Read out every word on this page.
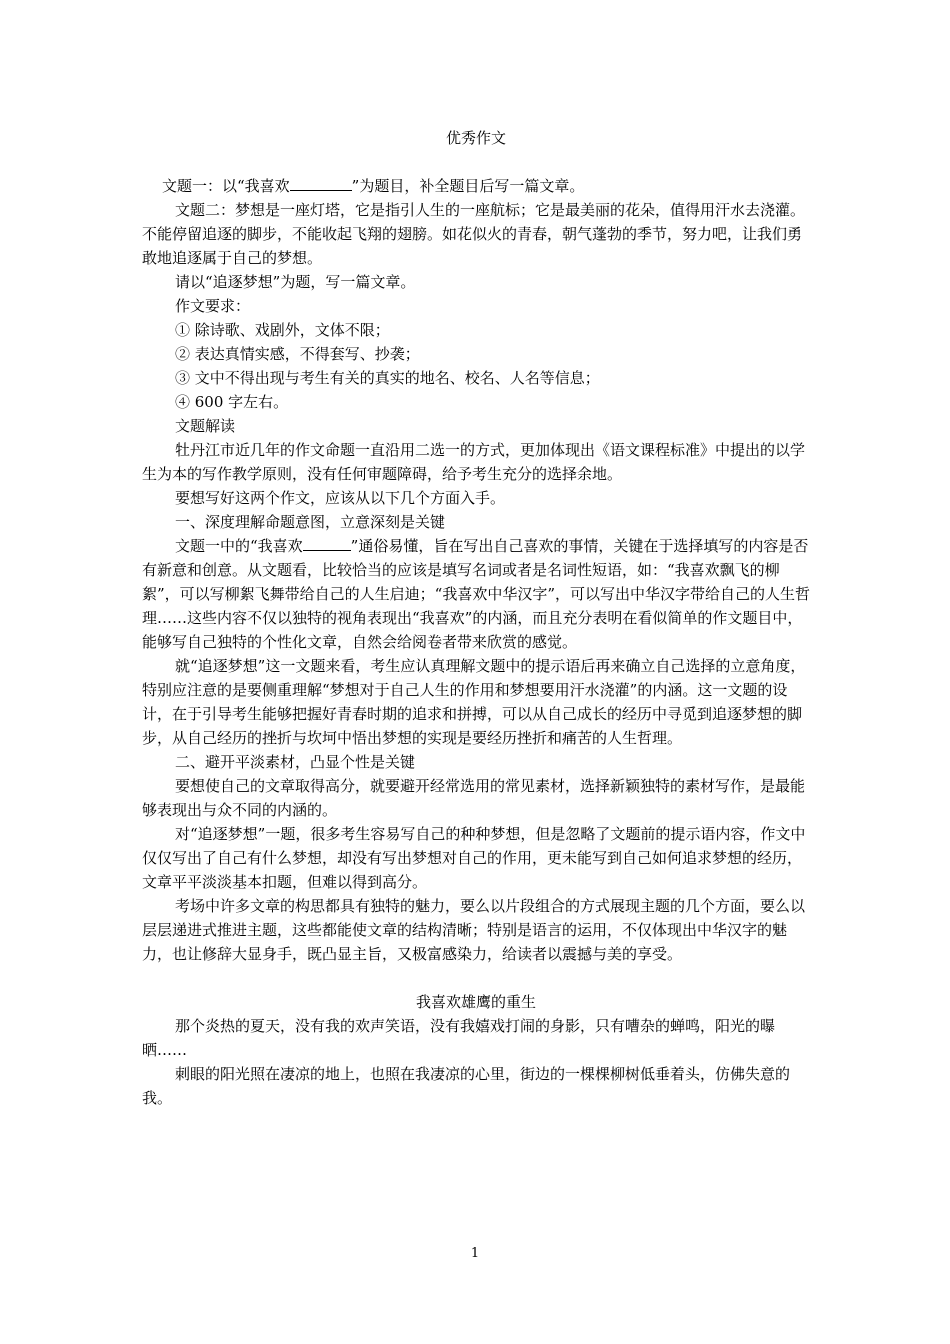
优秀作文

文题一：以“我喜欢	”为题目，补全题目后写一篇文章。

文题二：梦想是一座灯塔，它是指引人生的一座航标；它是最美丽的花朵，值得用汗水去浇灌。不能停留追逐的脚步，不能收起飞翔的翅膀。如花似火的青春，朝气蓬勃的季节，努力吧，让我们勇敢地追逐属于自己的梦想。

请以“追逐梦想”为题，写一篇文章。

作文要求：

① 除诗歌、戏剧外，文体不限；

② 表达真情实感，不得套写、抄袭；

③ 文中不得出现与考生有关的真实的地名、校名、人名等信息；

④ 600 字左右。

文题解读

牡丹江市近几年的作文命题一直沿用二选一的方式，更加体现出《语文课程标准》中提出的以学生为本的写作教学原则，没有任何审题障碍，给予考生充分的选择余地。

要想写好这两个作文，应该从以下几个方面入手。

一、深度理解命题意图，立意深刻是关键

文题一中的“我喜欢	”通俗易懂，旨在写出自己喜欢的事情，关键在于选择填写的内容是否有新意和创意。从文题看，比较恰当的应该是填写名词或者是名词性短语，如：“我喜欢飘飞的柳絮”，可以写柳絮飞舞带给自己的人生启迪；“我喜欢中华汉字”，可以写出中华汉字带给自己的人生哲理……这些内容不仅以独特的视角表现出“我喜欢”的内涵，而且充分表明在看似简单的作文题目中，能够写自己独特的个性化文章，自然会给阅卷者带来欣赏的感觉。

就“追逐梦想”这一文题来看，考生应认真理解文题中的提示语后再来确立自己选择的立意角度，特别应注意的是要侧重理解“梦想对于自己人生的作用和梦想要用汗水浇灌”的内涵。这一文题的设计，在于引导考生能够把握好青春时期的追求和拼搏，可以从自己成长的经历中寻觅到追逐梦想的脚步，从自己经历的挫折与坎坷中悟出梦想的实现是要经历挫折和痛苦的人生哲理。

二、避开平淡素材，凸显个性是关键

要想使自己的文章取得高分，就要避开经常选用的常见素材，选择新颖独特的素材写作，是最能够表现出与众不同的内涵的。

对“追逐梦想”一题，很多考生容易写自己的种种梦想，但是忽略了文题前的提示语内容，作文中仅仅写出了自己有什么梦想，却没有写出梦想对自己的作用，更未能写到自己如何追求梦想的经历，文章平平淡淡基本扣题，但难以得到高分。

考场中许多文章的构思都具有独特的魅力，要么以片段组合的方式展现主题的几个方面，要么以层层递进式推进主题，这些都能使文章的结构清晰；特别是语言的运用，不仅体现出中华汉字的魅力，也让修辞大显身手，既凸显主旨，又极富感染力，给读者以震撼与美的享受。

我喜欢雄鹰的重生

那个炎热的夏天，没有我的欢声笑语，没有我嬉戏打闹的身影，只有嘈杂的蝉鸣，阳光的曝晒……

刺眼的阳光照在凄凉的地上，也照在我凄凉的心里，街边的一棵棵柳树低垂着头，仿佛失意的我。

1
